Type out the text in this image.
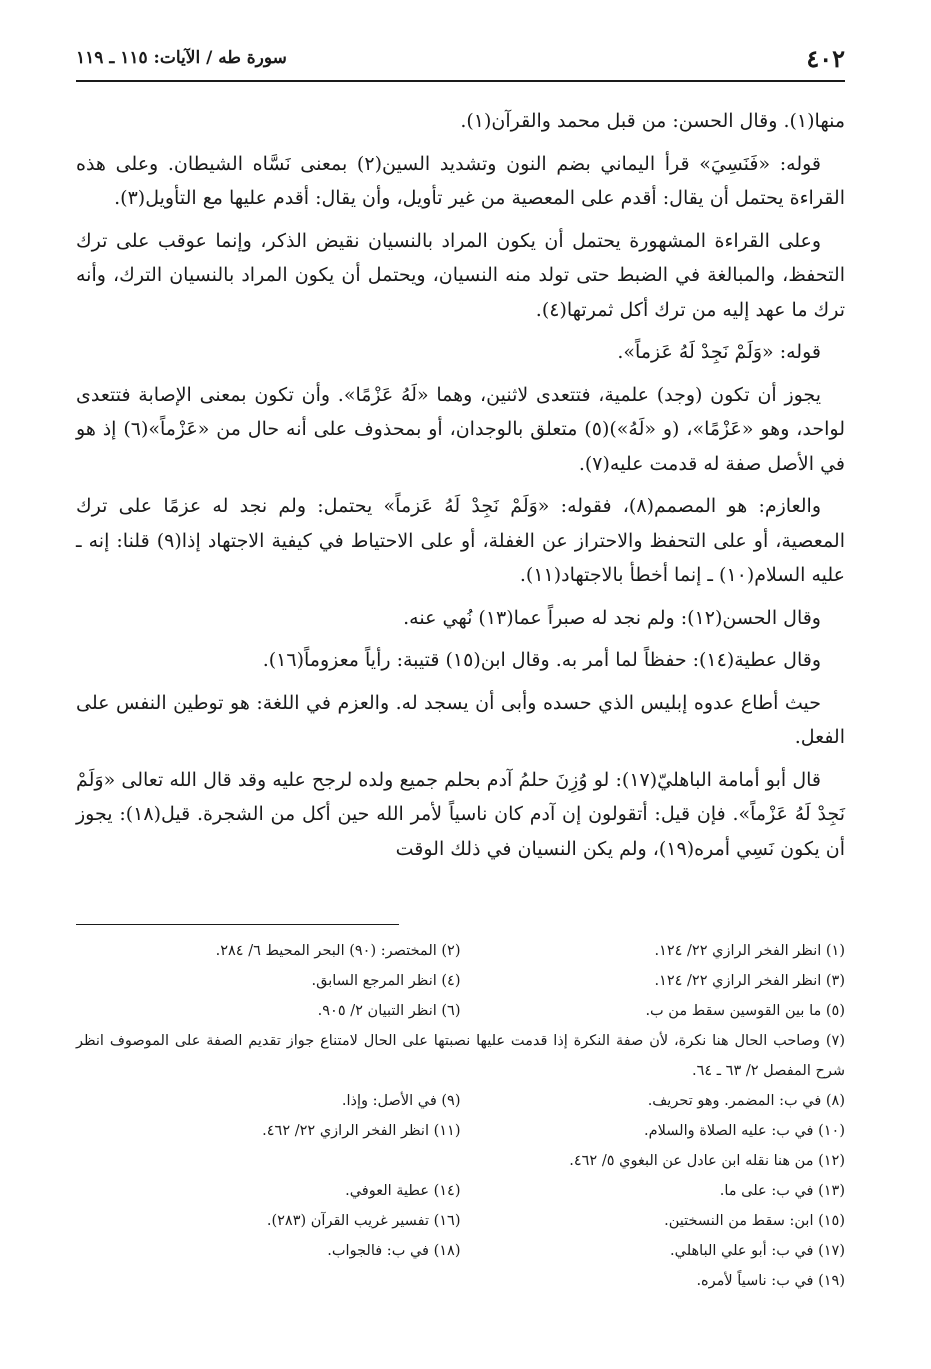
٤٠٢
سورة طه / الآيات: ١١٥ ـ ١١٩

منها(١). وقال الحسن: من قبل محمد والقرآن(١).

قوله: «فَنَسِيَ» قرأ اليماني بضم النون وتشديد السين(٢) بمعنى نَسَّاه الشيطان. وعلى هذه القراءة يحتمل أن يقال: أقدم على المعصية من غير تأويل، وأن يقال: أقدم عليها مع التأويل(٣).

وعلى القراءة المشهورة يحتمل أن يكون المراد بالنسيان نقيض الذكر، وإنما عوقب على ترك التحفظ، والمبالغة في الضبط حتى تولد منه النسيان، ويحتمل أن يكون المراد بالنسيان الترك، وأنه ترك ما عهد إليه من ترك أكل ثمرتها(٤).

قوله: «وَلَمْ نَجِدْ لَهُ عَزماً».

يجوز أن تكون (وجد) علمية، فتتعدى لاثنين، وهما «لَهُ عَزْمًا». وأن تكون بمعنى الإصابة فتتعدى لواحد، وهو «عَزْمًا»، (و «لَهُ»)(٥) متعلق بالوجدان، أو بمحذوف على أنه حال من «عَزْماً»(٦) إذ هو في الأصل صفة له قدمت عليه(٧).

والعازم: هو المصمم(٨)، فقوله: «وَلَمْ نَجِدْ لَهُ عَزماً» يحتمل: ولم نجد له عزمًا على ترك المعصية، أو على التحفظ والاحتراز عن الغفلة، أو على الاحتياط في كيفية الاجتهاد إذا(٩) قلنا: إنه ـ عليه السلام(١٠) ـ إنما أخطأ بالاجتهاد(١١).

وقال الحسن(١٢): ولم نجد له صبراً عما(١٣) نُهي عنه.

وقال عطية(١٤): حفظاً لما أمر به. وقال ابن(١٥) قتيبة: رأياً معزوماً(١٦).

حيث أطاع عدوه إبليس الذي حسده وأبى أن يسجد له. والعزم في اللغة: هو توطين النفس على الفعل.

قال أبو أمامة الباهليّ(١٧): لو وُزِنَ حلمُ آدم بحلم جميع ولده لرجح عليه وقد قال الله تعالى «وَلَمْ نَجِدْ لَهُ عَزْماً». فإن قيل: أتقولون إن آدم كان ناسياً لأمر الله حين أكل من الشجرة. قيل(١٨): يجوز أن يكون نَسِي أمره(١٩)، ولم يكن النسيان في ذلك الوقت

(١) انظر الفخر الرازي ٢٢/ ١٢٤.
(٢) المختصر: (٩٠) البحر المحيط ٦/ ٢٨٤.
(٣) انظر الفخر الرازي ٢٢/ ١٢٤.
(٤) انظر المرجع السابق.
(٥) ما بين القوسين سقط من ب.
(٦) انظر التبيان ٢/ ٩٠٥.
(٧) وصاحب الحال هنا نكرة، لأن صفة النكرة إذا قدمت عليها نصبتها على الحال لامتناع جواز تقديم الصفة على الموصوف انظر شرح المفصل ٢/ ٦٣ ـ ٦٤.
(٨) في ب: المضمر. وهو تحريف.
(٩) في الأصل: وإذا.
(١٠) في ب: عليه الصلاة والسلام.
(١١) انظر الفخر الرازي ٢٢/ ٤٦٢.
(١٢) من هنا نقله ابن عادل عن البغوي ٥/ ٤٦٢.
(١٣) في ب: على ما.
(١٤) عطية العوفي.
(١٥) ابن: سقط من النسختين.
(١٦) تفسير غريب القرآن (٢٨٣).
(١٧) في ب: أبو علي الباهلي.
(١٨) في ب: فالجواب.
(١٩) في ب: ناسياً لأمره.
